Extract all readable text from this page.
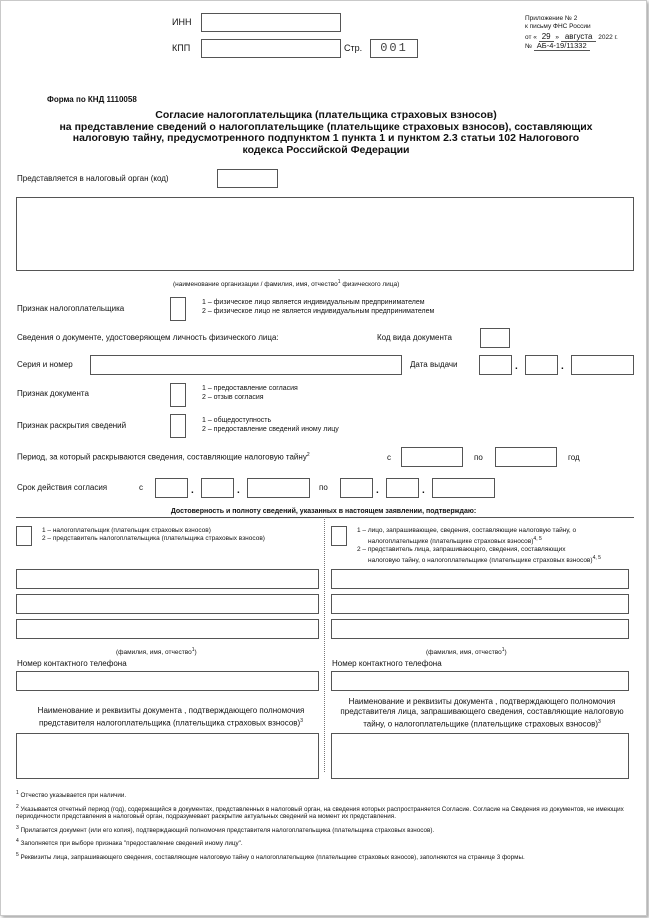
ИНН
КПП	Стр.	001
Приложение № 2
к письму ФНС России
от « 29 » августа 2022 г.
№ АБ-4-19/11332
Форма по КНД 1110058
Согласие налогоплательщика (плательщика страховых взносов)
на представление сведений о налогоплательщике (плательщике страховых взносов), составляющих
налоговую тайну, предусмотренного подпунктом 1 пункта 1 и пунктом 2.3 статьи 102 Налогового
кодекса Российской Федерации
Представляется в налоговый орган (код)
(наименование организации / фамилия, имя, отчество$^1$ физического лица)
Признак налогоплательщика
1 – физическое лицо является индивидуальным предпринимателем
2 – физическое лицо не является индивидуальным предпринимателем
Сведения о документе, удостоверяющем личность физического лица:	Код вида документа
Серия и номер	Дата выдачи	.	.
Признак документа
1 – предоставление согласия
2 – отзыв согласия
Признак раскрытия сведений
1 – общедоступность
2 – предоставление сведений иному лицу
Период, за который раскрываются сведения, составляющие налоговую тайну$^2$	с	по	год
Срок действия согласия	с	.	.	по	.	.
Достоверность и полноту сведений, указанных в настоящем заявлении, подтверждаю:
1 – налогоплательщик (плательщик страховых взносов)
2 – представитель налогоплательщика (плательщика страховых взносов)
(фамилия, имя, отчество$^1$)
Номер контактного телефона
Наименование и реквизиты документа , подтверждающего полномочия
представителя налогоплательщика (плательщика страховых взносов)$^3$
1 – лицо, запрашивающее, сведения, составляющие налоговую тайну, о
налогоплательщике (плательщике страховых взносов)$^{4, 5}$
2 – представитель лица, запрашивающего, сведения, составляющих
налоговую тайну, о налогоплательщике (плательщике страховых взносов)$^{4, 5}$
(фамилия, имя, отчество$^1$)
Номер контактного телефона
Наименование и реквизиты документа , подтверждающего полномочия
представителя лица, запрашивающего сведения, составляющие налоговую
тайну, о налогоплательщике (плательщике страховых взносов)$^3$
$^1$ Отчество указывается при наличии.
$^2$ Указывается отчетный период (год), содержащийся в документах, представленных в налоговый орган, на сведения которых распространяется Согласие. Согласие на Сведения из документов, не имеющих периодичности представления в налоговый орган, подразумевает раскрытие актуальных сведений на момент их представления.
$^3$ Прилагается документ (или его копия), подтверждающий полномочия представителя налогоплательщика (плательщика страховых взносов).
$^4$ Заполняется при выборе признака "предоставление сведений иному лицу".
$^5$ Реквизиты лица, запрашивающего сведения, составляющие налоговую тайну о налогоплательщике (плательщике страховых взносов), заполняются на странице 3 формы.
